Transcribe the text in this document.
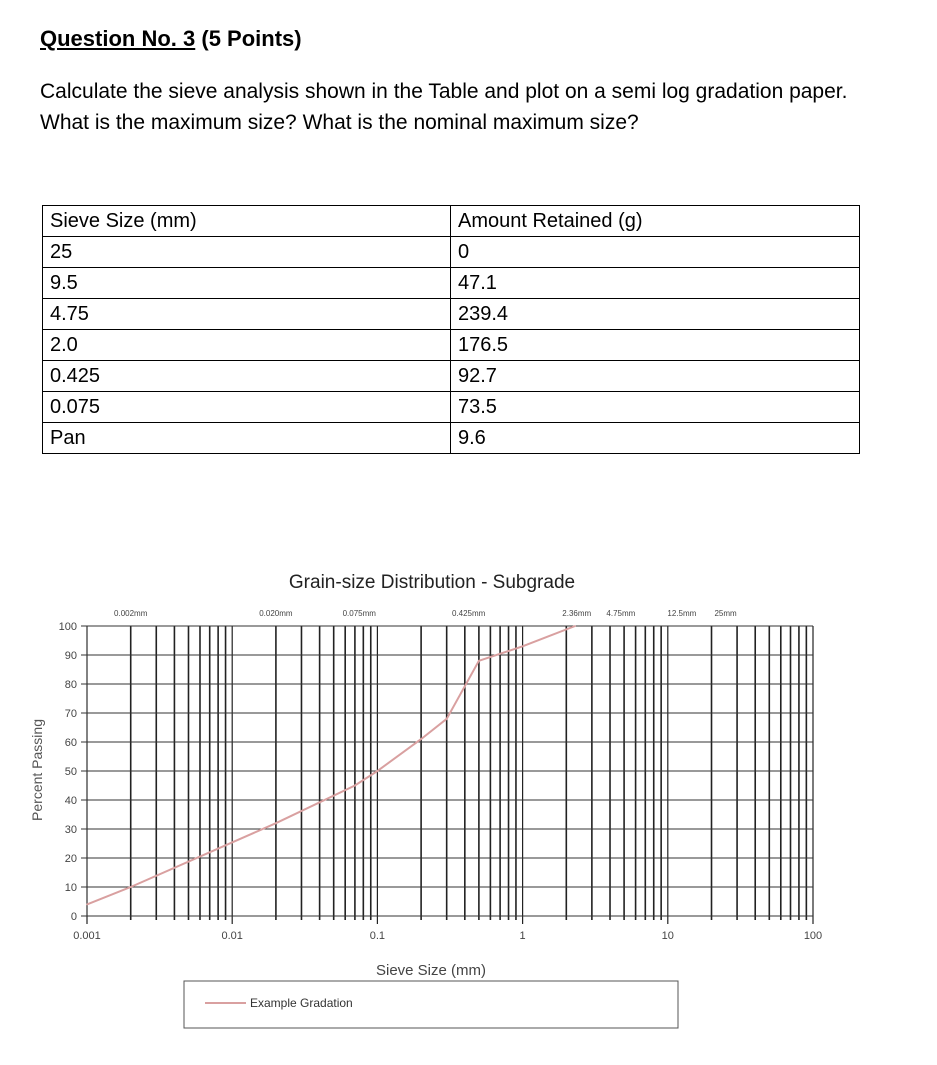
Question No. 3 (5 Points)

Calculate the sieve analysis shown in the Table and plot on a semi log gradation paper. What is the maximum size? What is the nominal maximum size?

Sieve Size (mm)	Amount Retained (g)
25	0
9.5	47.1
4.75	239.4
2.0	176.5
0.425	92.7
0.075	73.5
Pan	9.6
Grain-size Distribution - Subgrade
0
10
20
30
40
50
60
70
80
90
100
0.001	0.01	0.1	1	10	100
0.002mm	0.020mm	0.075mm	0.425mm	2.36mm 4.75mm	12.5mm 25mm
Sieve Size (mm)
Percent Passing
Example Gradation
